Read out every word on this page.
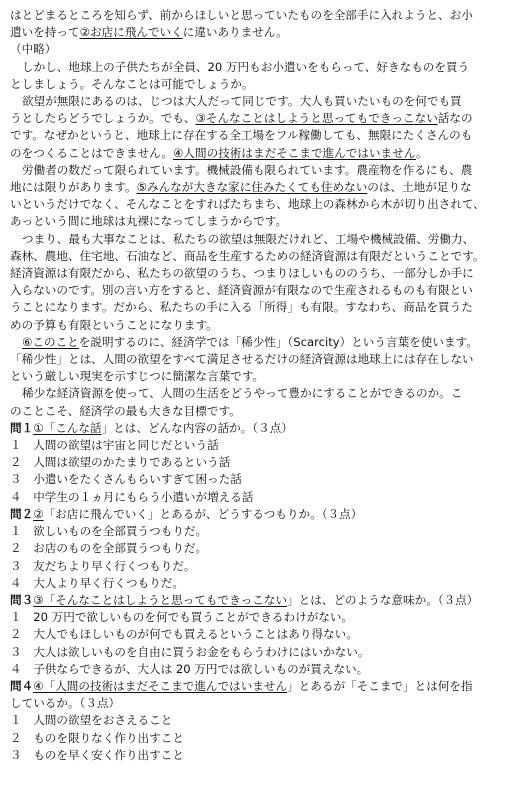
はとどまるところを知らず、前からほしいと思っていたものを全部手に入れようと、お小
遣いを持って②お店に飛んでいくに違いありません。
（中略）
しかし、地球上の子供たちが全員、20 万円もお小遣いをもらって、好きなものを買う
としましょう。そんなことは可能でしょうか。
欲望が無限にあるのは、じつは大人だって同じです。大人も買いたいものを何でも買
うとしたらどうでしょうか。でも、③そんなことはしようと思ってもできっこない話なの
です。なぜかというと、地球上に存在する全工場をフル稼働しても、無限にたくさんのも
のをつくることはできません。④人間の技術はまだそこまで進んではいません。
労働者の数だって限られています。機械設備も限られています。農産物を作るにも、農
地には限りがあります。⑤みんなが大きな家に住みたくても住めないのは、土地が足りな
いというだけでなく、そんなことをすればたちまち、地球上の森林から木が切り出されて、
あっという間に地球は丸裸になってしまうからです。
つまり、最も大事なことは、私たちの欲望は無限だけれど、工場や機械設備、労働力、
森林、農地、住宅地、石油など、商品を生産するための経済資源は有限だということです。
経済資源は有限だから、私たちの欲望のうち、つまりほしいもののうち、一部分しか手に
入らないのです。別の言い方をすると、経済資源が有限なので生産されるものも有限とい
うことになります。だから、私たちの手に入る「所得」も有限。すなわち、商品を買うた
めの予算も有限ということになります。
⑥このことを説明するのに、経済学では「稀少性」（Scarcity）という言葉を使います。
「稀少性」とは、人間の欲望をすべて満足させるだけの経済資源は地球上には存在しない
という厳しい現実を示すじつに簡潔な言葉です。
稀少な経済資源を使って、人間の生活をどうやって豊かにすることができるのか。こ
のことこそ、経済学の最も大きな目標です。
問１①「こんな話」とは、どんな内容の話か。（３点）
１　人間の欲望は宇宙と同じだという話
２　人間は欲望のかたまりであるという話
３　小遣いをたくさんもらいすぎて困った話
４　中学生の１ヵ月にもらう小遣いが増える話
問２②「お店に飛んでいく」とあるが、どうするつもりか。（３点）
１　欲しいものを全部買うつもりだ。
２　お店のものを全部買うつもりだ。
３　友だちより早く行くつもりだ。
４　大人より早く行くつもりだ。
問３③「そんなことはしようと思ってもできっこない」とは、どのような意味か。（３点）
１　20 万円で欲しいものを何でも買うことができるわけがない。
２　大人でもほしいものが何でも買えるということはあり得ない。
３　大人は欲しいものを自由に買うお金をもらうわけにはいかない。
４　子供ならできるが、大人は 20 万円では欲しいものが買えない。
問４④「人間の技術はまだそこまで進んではいません」とあるが「そこまで」とは何を指
しているか。（３点）
１　人間の欲望をおさえること
２　ものを限りなく作り出すこと
３　ものを早く安く作り出すこと
